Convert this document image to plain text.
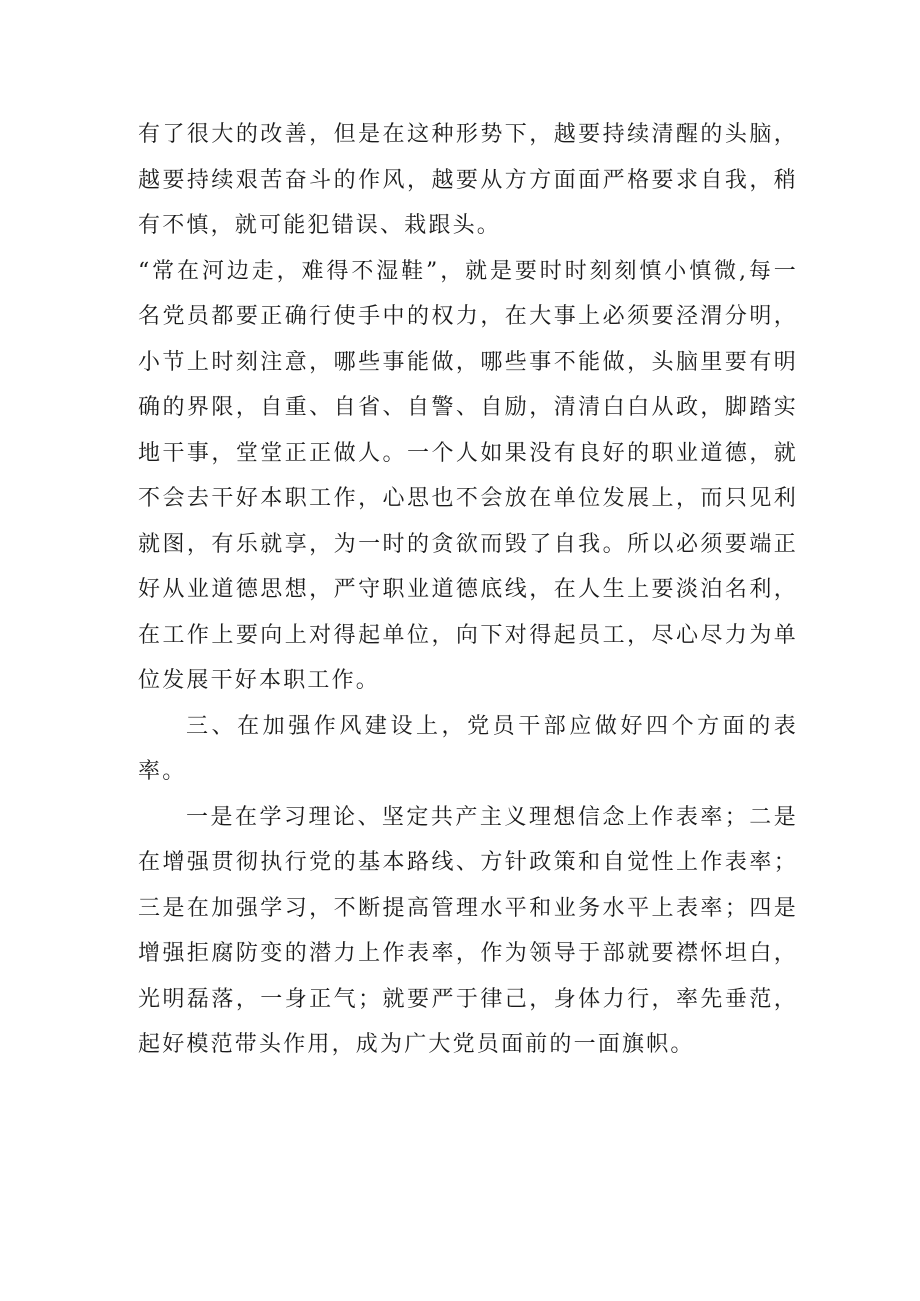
有了很大的改善，但是在这种形势下，越要持续清醒的头脑，越要持续艰苦奋斗的作风，越要从方方面面严格要求自我，稍有不慎，就可能犯错误、栽跟头。

“常在河边走，难得不湿鞋”，就是要时时刻刻慎小慎微,每一名党员都要正确行使手中的权力，在大事上必须要泾渭分明，小节上时刻注意，哪些事能做，哪些事不能做，头脑里要有明确的界限，自重、自省、自警、自励，清清白白从政，脚踏实地干事，堂堂正正做人。一个人如果没有良好的职业道德，就不会去干好本职工作，心思也不会放在单位发展上，而只见利就图，有乐就享，为一时的贪欲而毁了自我。所以必须要端正好从业道德思想，严守职业道德底线，在人生上要淡泊名利，在工作上要向上对得起单位，向下对得起员工，尽心尽力为单位发展干好本职工作。

三、在加强作风建设上，党员干部应做好四个方面的表率。

一是在学习理论、坚定共产主义理想信念上作表率；二是在增强贯彻执行党的基本路线、方针政策和自觉性上作表率；三是在加强学习，不断提高管理水平和业务水平上表率；四是增强拒腐防变的潜力上作表率，作为领导于部就要襟怀坦白，光明磊落，一身正气；就要严于律己，身体力行，率先垂范，起好模范带头作用，成为广大党员面前的一面旗帜。
